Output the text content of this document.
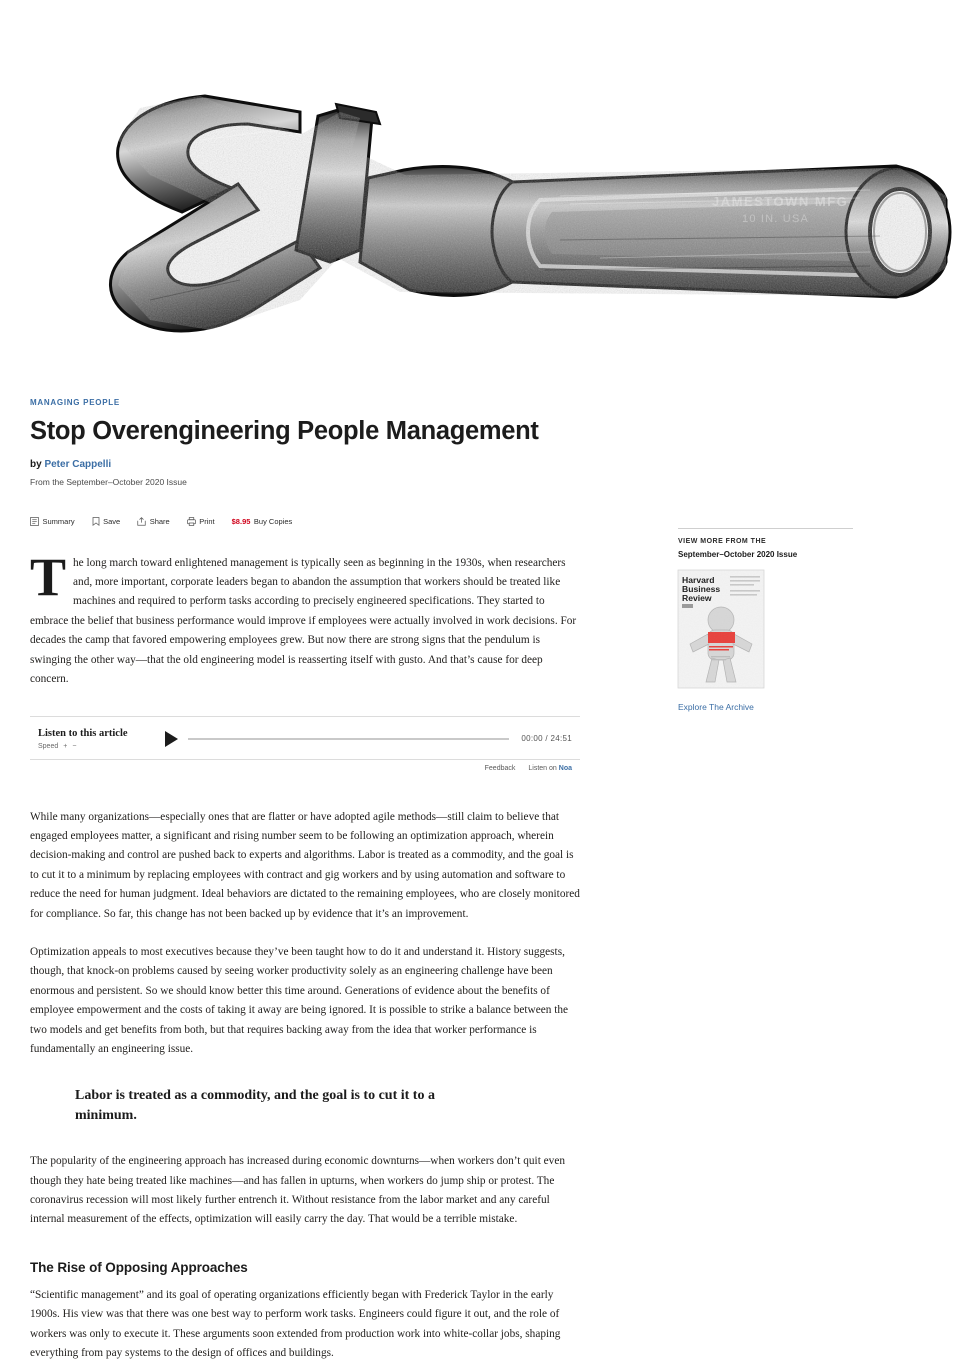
MANAGING PEOPLE
Stop Overengineering People Management
by Peter Cappelli
From the September–October 2020 Issue
Summary	Save	Share	Print $8.95 Buy Copies
T he long march toward enlightened management is typically seen as beginning in the 1930s, when researchers and, more important, corporate leaders began to abandon the assumption that workers should be treated like machines and required to perform tasks according to precisely engineered specifications. They started to embrace the belief that business performance would improve if employees were actually involved in work decisions. For decades the camp that favored empowering employees grew. But now there are strong signs that the pendulum is swinging the other way—that the old engineering model is reasserting itself with gusto. And that’s cause for deep concern.

Listen to this article
Speed + −
00:00 / 24:51
Feedback Listen on Noa

While many organizations—especially ones that are flatter or have adopted agile methods—still claim to believe that engaged employees matter, a significant and rising number seem to be following an optimization approach, wherein decision-making and control are pushed back to experts and algorithms. Labor is treated as a commodity, and the goal is to cut it to a minimum by replacing employees with contract and gig workers and by using automation and software to reduce the need for human judgment. Ideal behaviors are dictated to the remaining employees, who are closely monitored for compliance. So far, this change has not been backed up by evidence that it’s an improvement.

Optimization appeals to most executives because they’ve been taught how to do it and understand it. History suggests, though, that knock-on problems caused by seeing worker productivity solely as an engineering challenge have been enormous and persistent. So we should know better this time around. Generations of evidence about the benefits of employee empowerment and the costs of taking it away are being ignored. It is possible to strike a balance between the two models and get benefits from both, but that requires backing away from the idea that worker performance is fundamentally an engineering issue.

Labor is treated as a commodity, and the goal is to cut it to a minimum.

The popularity of the engineering approach has increased during economic downturns—when workers don’t quit even though they hate being treated like machines—and has fallen in upturns, when workers do jump ship or protest. The coronavirus recession will most likely further entrench it. Without resistance from the labor market and any careful internal measurement of the effects, optimization will easily carry the day. That would be a terrible mistake.

The Rise of Opposing Approaches

“Scientific management” and its goal of operating organizations efficiently began with Frederick Taylor in the early 1900s. His view was that there was one best way to perform work tasks. Engineers could figure it out, and the role of workers was only to execute it. These arguments soon extended from production work into white-collar jobs, shaping everything from pay systems to the design of offices and buildings.

VIEW MORE FROM THE
September–October 2020 Issue
Harvard
Business
Review
Explore The Archive
